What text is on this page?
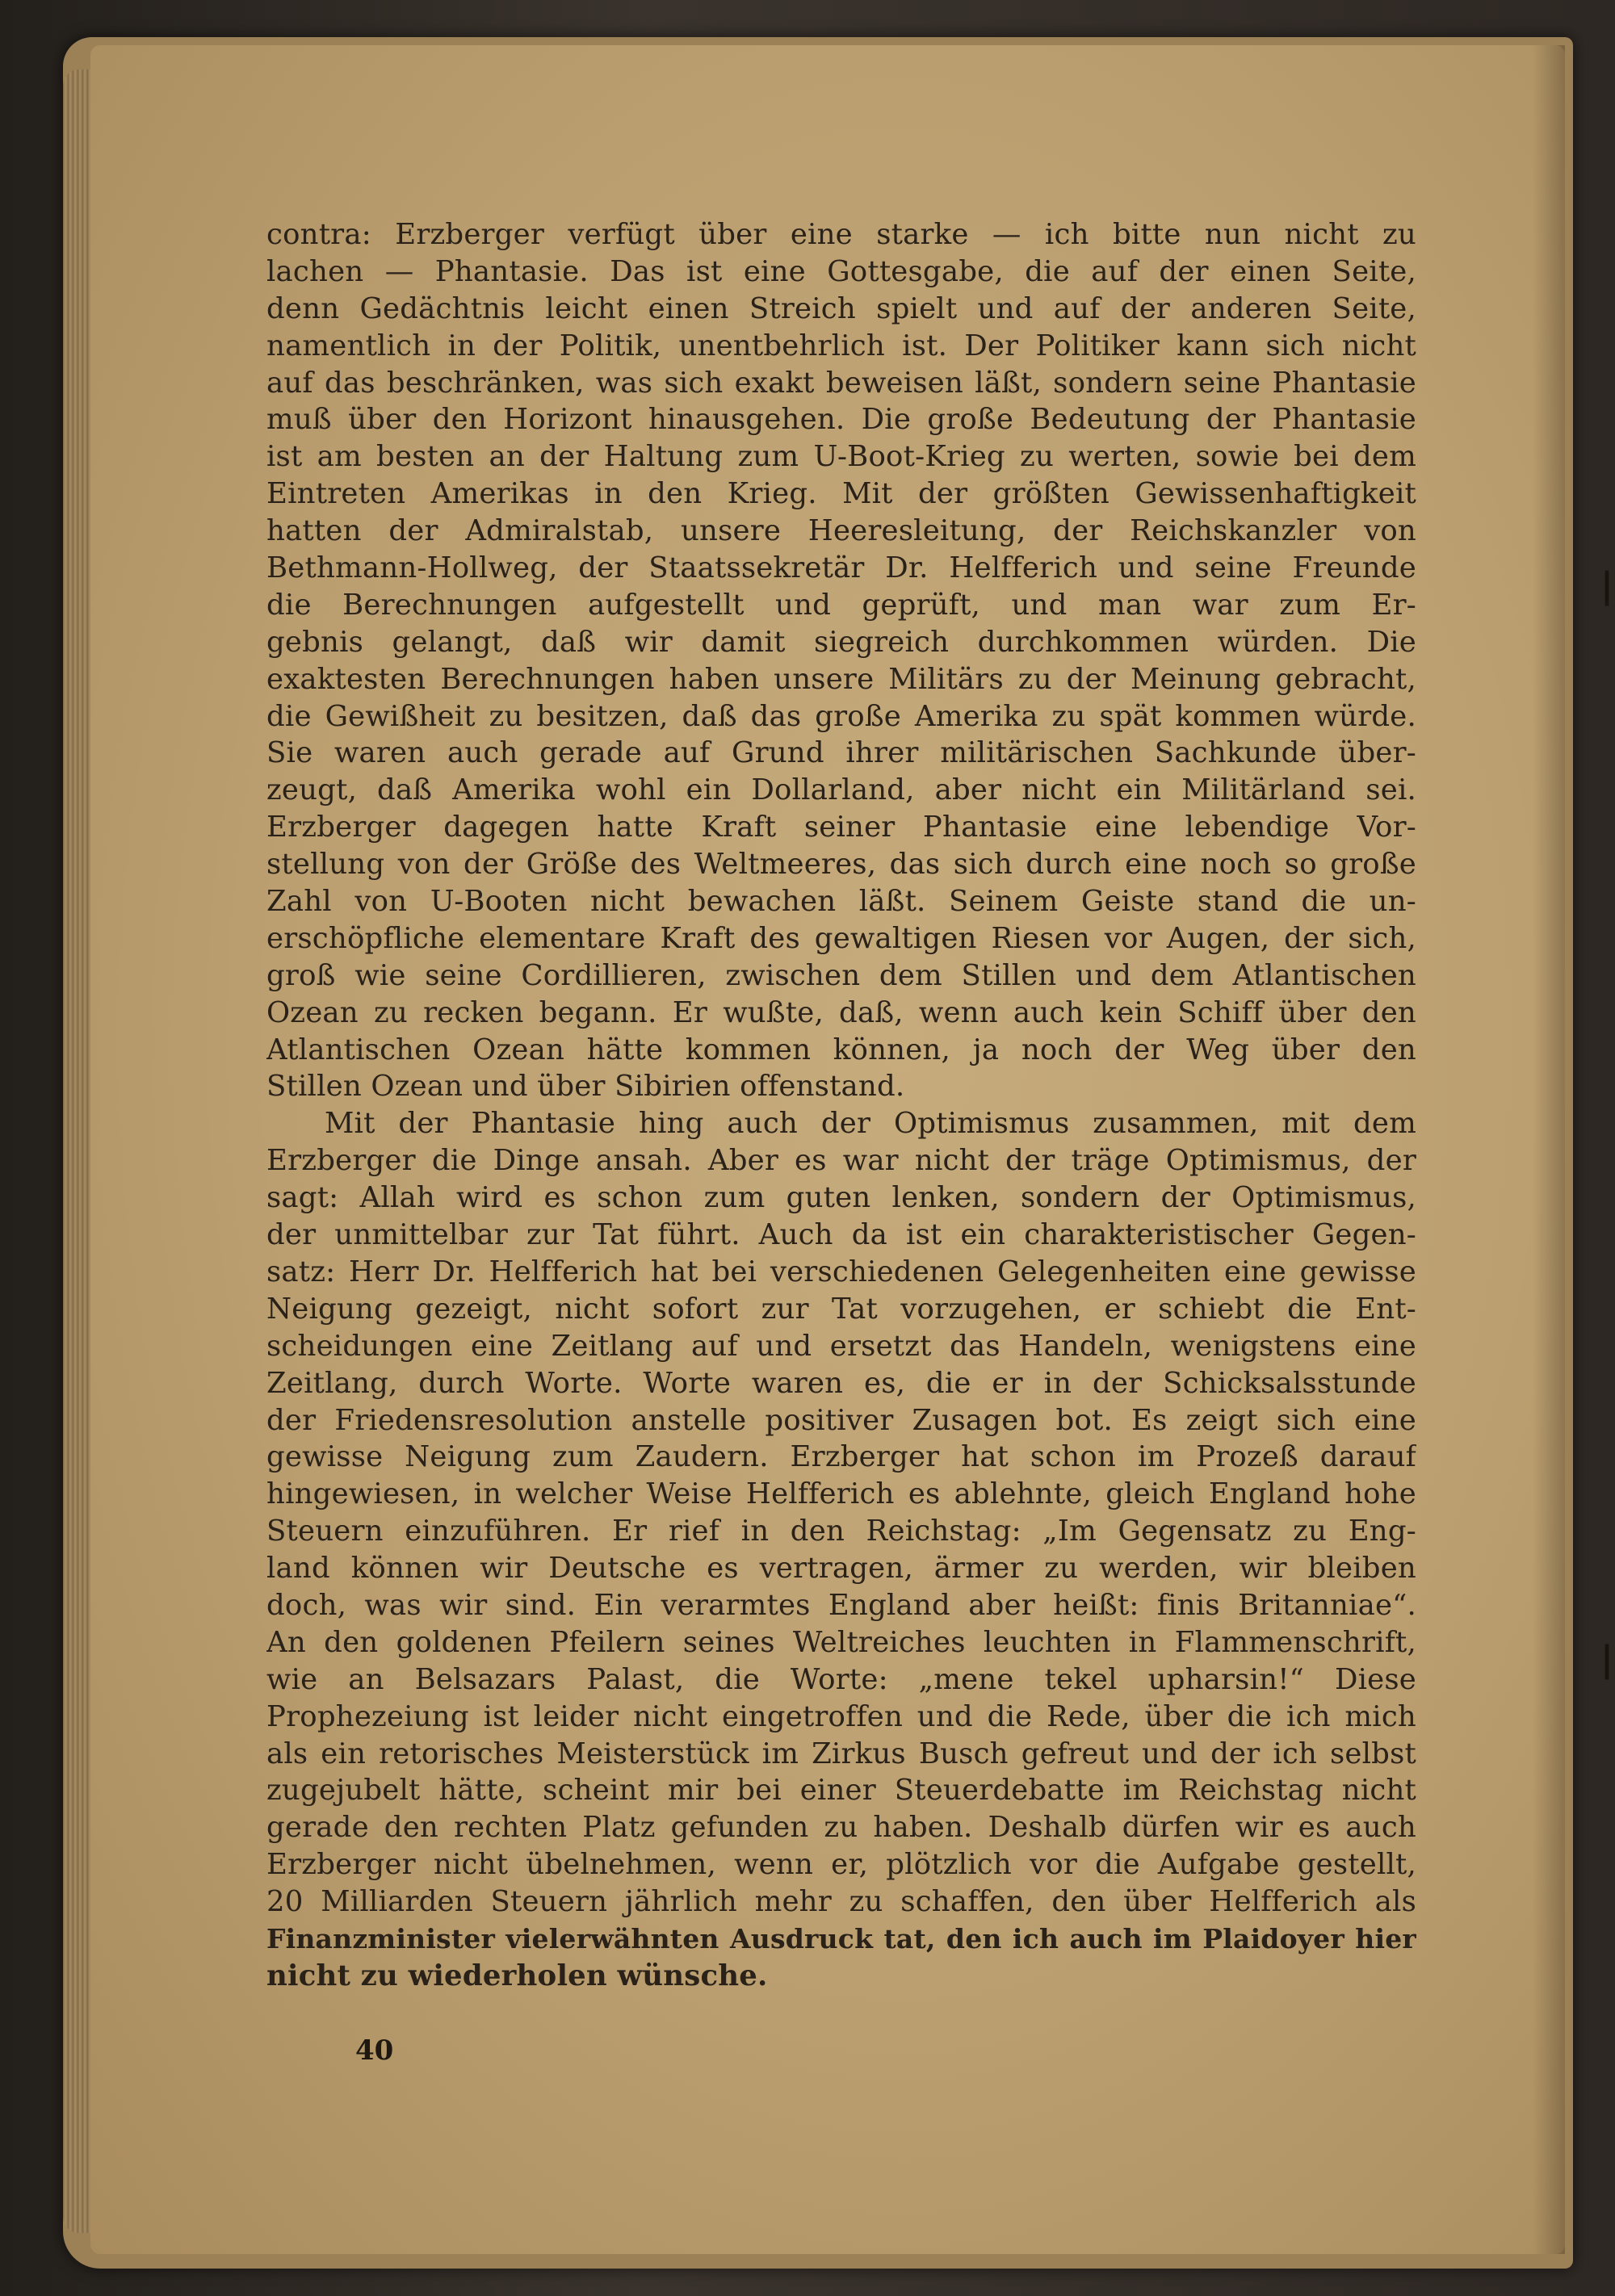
contra: Erzberger verfügt über eine starke — ich bitte nun nicht zu
lachen — Phantasie. Das ist eine Gottesgabe, die auf der einen Seite,
denn Gedächtnis leicht einen Streich spielt und auf der anderen Seite,
namentlich in der Politik, unentbehrlich ist. Der Politiker kann sich nicht
auf das beschränken, was sich exakt beweisen läßt, sondern seine Phantasie
muß über den Horizont hinausgehen. Die große Bedeutung der Phantasie
ist am besten an der Haltung zum U-Boot-Krieg zu werten, sowie bei dem
Eintreten Amerikas in den Krieg. Mit der größten Gewissenhaftigkeit
hatten der Admiralstab, unsere Heeresleitung, der Reichskanzler von
Bethmann-Hollweg, der Staatssekretär Dr. Helfferich und seine Freunde
die Berechnungen aufgestellt und geprüft, und man war zum Er-
gebnis gelangt, daß wir damit siegreich durchkommen würden. Die
exaktesten Berechnungen haben unsere Militärs zu der Meinung gebracht,
die Gewißheit zu besitzen, daß das große Amerika zu spät kommen würde.
Sie waren auch gerade auf Grund ihrer militärischen Sachkunde über-
zeugt, daß Amerika wohl ein Dollarland, aber nicht ein Militärland sei.
Erzberger dagegen hatte Kraft seiner Phantasie eine lebendige Vor-
stellung von der Größe des Weltmeeres, das sich durch eine noch so große
Zahl von U-Booten nicht bewachen läßt. Seinem Geiste stand die un-
erschöpfliche elementare Kraft des gewaltigen Riesen vor Augen, der sich,
groß wie seine Cordillieren, zwischen dem Stillen und dem Atlantischen
Ozean zu recken begann. Er wußte, daß, wenn auch kein Schiff über den
Atlantischen Ozean hätte kommen können, ja noch der Weg über den
Stillen Ozean und über Sibirien offenstand.
Mit der Phantasie hing auch der Optimismus zusammen, mit dem
Erzberger die Dinge ansah. Aber es war nicht der träge Optimismus, der
sagt: Allah wird es schon zum guten lenken, sondern der Optimismus,
der unmittelbar zur Tat führt. Auch da ist ein charakteristischer Gegen-
satz: Herr Dr. Helfferich hat bei verschiedenen Gelegenheiten eine gewisse
Neigung gezeigt, nicht sofort zur Tat vorzugehen, er schiebt die Ent-
scheidungen eine Zeitlang auf und ersetzt das Handeln, wenigstens eine
Zeitlang, durch Worte. Worte waren es, die er in der Schicksalsstunde
der Friedensresolution anstelle positiver Zusagen bot. Es zeigt sich eine
gewisse Neigung zum Zaudern. Erzberger hat schon im Prozeß darauf
hingewiesen, in welcher Weise Helfferich es ablehnte, gleich England hohe
Steuern einzuführen. Er rief in den Reichstag: „Im Gegensatz zu Eng-
land können wir Deutsche es vertragen, ärmer zu werden, wir bleiben
doch, was wir sind. Ein verarmtes England aber heißt: finis Britanniae“.
An den goldenen Pfeilern seines Weltreiches leuchten in Flammenschrift,
wie an Belsazars Palast, die Worte: „mene tekel upharsin!“ Diese
Prophezeiung ist leider nicht eingetroffen und die Rede, über die ich mich
als ein retorisches Meisterstück im Zirkus Busch gefreut und der ich selbst
zugejubelt hätte, scheint mir bei einer Steuerdebatte im Reichstag nicht
gerade den rechten Platz gefunden zu haben. Deshalb dürfen wir es auch
Erzberger nicht übelnehmen, wenn er, plötzlich vor die Aufgabe gestellt,
20 Milliarden Steuern jährlich mehr zu schaffen, den über Helfferich als
Finanzminister vielerwähnten Ausdruck tat, den ich auch im Plaidoyer hier
nicht zu wiederholen wünsche.
40
|
|
